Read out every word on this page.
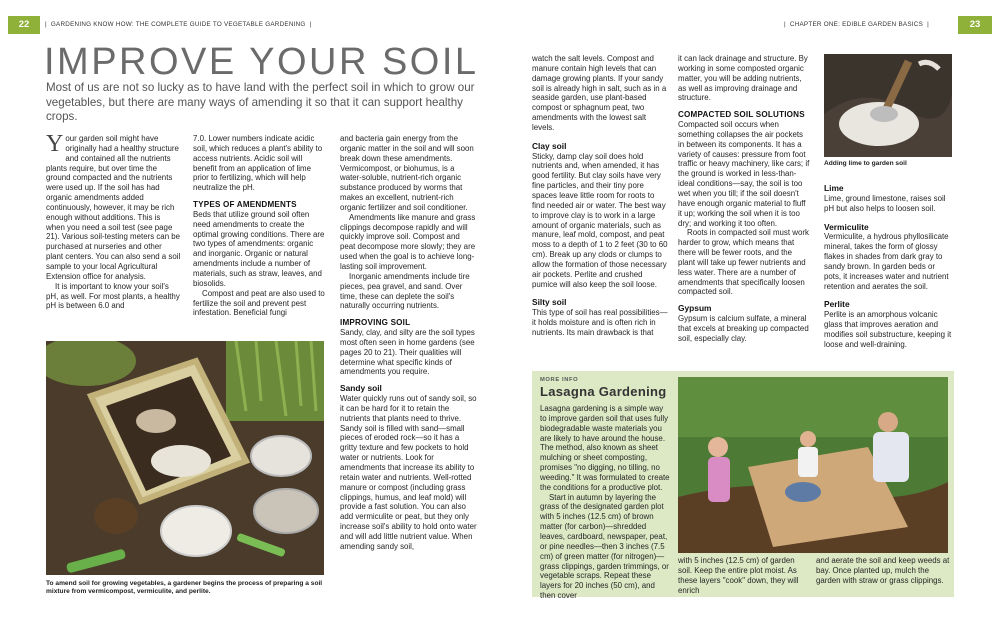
22	| GARDENING KNOW HOW: THE COMPLETE GUIDE TO VEGETABLE GARDENING |	| CHAPTER ONE: EDIBLE GARDEN BASICS |	23
IMPROVE YOUR SOIL
Most of us are not so lucky as to have land with the perfect soil in which to grow our vegetables, but there are many ways of amending it so that it can support healthy crops.

Your garden soil might have originally had a healthy structure and contained all the nutrients plants require, but over time the ground compacted and the nutrients were used up. If the soil has had organic amendments added continuously, however, it may be rich enough without additions. This is when you need a soil test (see page 21). Various soil-testing meters can be purchased at nurseries and other plant centers. You can also send a soil sample to your local Agricultural Extension office for analysis.

It is important to know your soil's pH, as well. For most plants, a healthy pH is between 6.0 and

7.0. Lower numbers indicate acidic soil, which reduces a plant's ability to access nutrients. Acidic soil will benefit from an application of lime prior to fertilizing, which will help neutralize the pH.

TYPES OF AMENDMENTS

Beds that utilize ground soil often need amendments to create the optimal growing conditions. There are two types of amendments: organic and inorganic. Organic or natural amendments include a number of materials, such as straw, leaves, and biosolids.

Compost and peat are also used to fertilize the soil and prevent pest infestation. Beneficial fungi

To amend soil for growing vegetables, a gardener begins the process of preparing a soil mixture from vermicompost, vermiculite, and perlite.

and bacteria gain energy from the organic matter in the soil and will soon break down these amendments. Vermicompost, or biohumus, is a water-soluble, nutrient-rich organic substance produced by worms that makes an excellent, nutrient-rich organic fertilizer and soil conditioner.

Amendments like manure and grass clippings decompose rapidly and will quickly improve soil. Compost and peat decompose more slowly; they are used when the goal is to achieve long-lasting soil improvement.

Inorganic amendments include tire pieces, pea gravel, and sand. Over time, these can deplete the soil's naturally occurring nutrients.

IMPROVING SOIL

Sandy, clay, and silty are the soil types most often seen in home gardens (see pages 20 to 21). Their qualities will determine what specific kinds of amendments you require.

Sandy soil

Water quickly runs out of sandy soil, so it can be hard for it to retain the nutrients that plants need to thrive. Sandy soil is filled with sand—small pieces of eroded rock—so it has a gritty texture and few pockets to hold water or nutrients. Look for amendments that increase its ability to retain water and nutrients. Well-rotted manure or compost (including grass clippings, humus, and leaf mold) will provide a fast solution. You can also add vermiculite or peat, but they only increase soil's ability to hold onto water and will add little nutrient value. When amending sandy soil,

watch the salt levels. Compost and manure contain high levels that can damage growing plants. If your sandy soil is already high in salt, such as in a seaside garden, use plant-based compost or sphagnum peat, two amendments with the lowest salt levels.

Clay soil

Sticky, damp clay soil does hold nutrients and, when amended, it has good fertility. But clay soils have very fine particles, and their tiny pore spaces leave little room for roots to find needed air or water. The best way to improve clay is to work in a large amount of organic materials, such as manure, leaf mold, compost, and peat moss to a depth of 1 to 2 feet (30 to 60 cm). Break up any clods or clumps to allow the formation of those necessary air pockets. Perlite and crushed pumice will also keep the soil loose.

Silty soil

This type of soil has real possibilities—it holds moisture and is often rich in nutrients. Its main drawback is that

it can lack drainage and structure. By working in some composted organic matter, you will be adding nutrients, as well as improving drainage and structure.

COMPACTED SOIL SOLUTIONS

Compacted soil occurs when something collapses the air pockets in between its components. It has a variety of causes: pressure from foot traffic or heavy machinery, like cars; if the ground is worked in less-than-ideal conditions—say, the soil is too wet when you till; if the soil doesn't have enough organic material to fluff it up; working the soil when it is too dry; and working it too often.

Roots in compacted soil must work harder to grow, which means that there will be fewer roots, and the plant will take up fewer nutrients and less water. There are a number of amendments that specifically loosen compacted soil.

Gypsum

Gypsum is calcium sulfate, a mineral that excels at breaking up compacted soil, especially clay.

Adding lime to garden soil

Lime

Lime, ground limestone, raises soil pH but also helps to loosen soil.

Vermiculite

Vermiculite, a hydrous phyllosilicate mineral, takes the form of glossy flakes in shades from dark gray to sandy brown. In garden beds or pots, it increases water and nutrient retention and aerates the soil.

Perlite

Perlite is an amorphous volcanic glass that improves aeration and modifies soil substructure, keeping it loose and well-draining.

MORE INFO
Lasagna Gardening

Lasagna gardening is a simple way to improve garden soil that uses fully biodegradable waste materials you are likely to have around the house. The method, also known as sheet mulching or sheet composting, promises "no digging, no tilling, no weeding." It was formulated to create the conditions for a productive plot.

Start in autumn by layering the grass of the designated garden plot with 5 inches (12.5 cm) of brown matter (for carbon)—shredded leaves, cardboard, newspaper, peat, or pine needles—then 3 inches (7.5 cm) of green matter (for nitrogen)—grass clippings, garden trimmings, or vegetable scraps. Repeat these layers for 20 inches (50 cm), and then cover

with 5 inches (12.5 cm) of garden soil. Keep the entire plot moist. As these layers "cook" down, they will enrich

and aerate the soil and keep weeds at bay. Once planted up, mulch the garden with straw or grass clippings.
